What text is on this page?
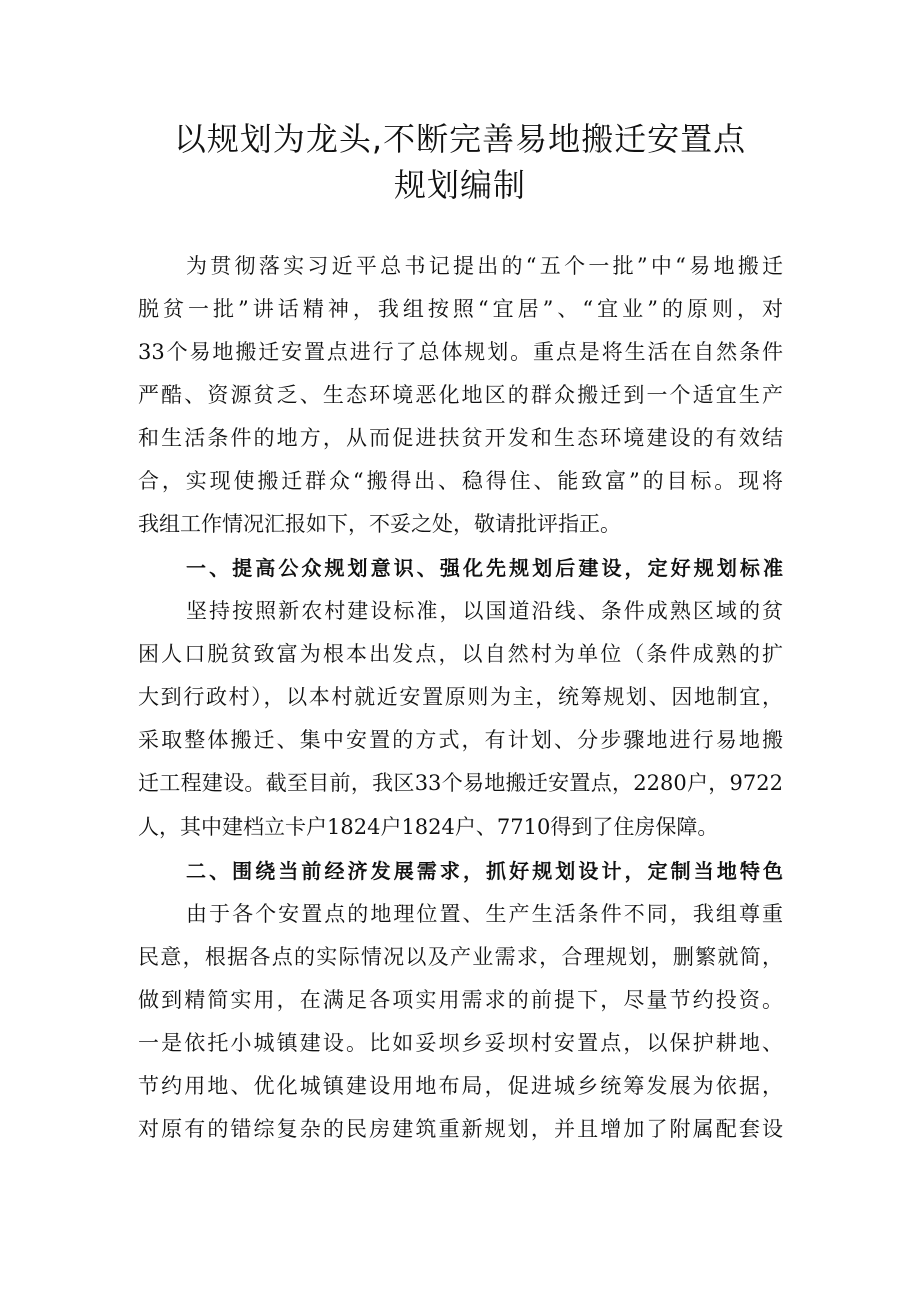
以规划为龙头,不断完善易地搬迁安置点
规划编制

为贯彻落实习近平总书记提出的“五个一批”中“易地搬迁

脱贫一批”讲话精神，我组按照“宜居”、“宜业”的原则，对

33个易地搬迁安置点进行了总体规划。重点是将生活在自然条件

严酷、资源贫乏、生态环境恶化地区的群众搬迁到一个适宜生产

和生活条件的地方，从而促进扶贫开发和生态环境建设的有效结

合，实现使搬迁群众“搬得出、稳得住、能致富”的目标。现将

我组工作情况汇报如下，不妥之处，敬请批评指正。

一、提高公众规划意识、强化先规划后建设，定好规划标准

坚持按照新农村建设标准，以国道沿线、条件成熟区域的贫

困人口脱贫致富为根本出发点，以自然村为单位（条件成熟的扩

大到行政村），以本村就近安置原则为主，统筹规划、因地制宜，

采取整体搬迁、集中安置的方式，有计划、分步骤地进行易地搬

迁工程建设。截至目前，我区33个易地搬迁安置点，2280户，9722

人，其中建档立卡户1824户1824户、7710得到了住房保障。

二、围绕当前经济发展需求，抓好规划设计，定制当地特色

由于各个安置点的地理位置、生产生活条件不同，我组尊重

民意，根据各点的实际情况以及产业需求，合理规划，删繁就简，

做到精简实用，在满足各项实用需求的前提下，尽量节约投资。

一是依托小城镇建设。比如妥坝乡妥坝村安置点，以保护耕地、

节约用地、优化城镇建设用地布局，促进城乡统筹发展为依据，

对原有的错综复杂的民房建筑重新规划，并且增加了附属配套设
